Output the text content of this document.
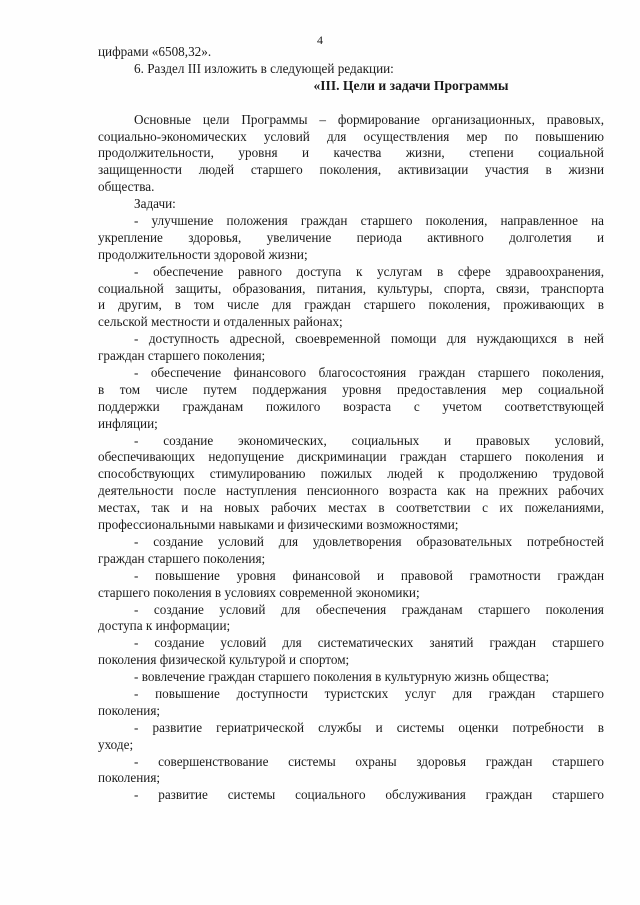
4
цифрами «6508,32».
6. Раздел III изложить в следующей редакции:
«III. Цели и задачи Программы
Основные цели Программы – формирование организационных, правовых,
социально-экономических условий для осуществления мер по повышению
продолжительности, уровня и качества жизни, степени социальной
защищенности людей старшего поколения, активизации участия в жизни
общества.
Задачи:
- улучшение положения граждан старшего поколения, направленное на
укрепление здоровья, увеличение периода активного долголетия и
продолжительности здоровой жизни;
- обеспечение равного доступа к услугам в сфере здравоохранения,
социальной защиты, образования, питания, культуры, спорта, связи, транспорта
и другим, в том числе для граждан старшего поколения, проживающих в
сельской местности и отдаленных районах;
- доступность адресной, своевременной помощи для нуждающихся в ней
граждан старшего поколения;
- обеспечение финансового благосостояния граждан старшего поколения,
в том числе путем поддержания уровня предоставления мер социальной
поддержки гражданам пожилого возраста с учетом соответствующей
инфляции;
- создание экономических, социальных и правовых условий,
обеспечивающих недопущение дискриминации граждан старшего поколения и
способствующих стимулированию пожилых людей к продолжению трудовой
деятельности после наступления пенсионного возраста как на прежних рабочих
местах, так и на новых рабочих местах в соответствии с их пожеланиями,
профессиональными навыками и физическими возможностями;
- создание условий для удовлетворения образовательных потребностей
граждан старшего поколения;
- повышение уровня финансовой и правовой грамотности граждан
старшего поколения в условиях современной экономики;
- создание условий для обеспечения гражданам старшего поколения
доступа к информации;
- создание условий для систематических занятий граждан старшего
поколения физической культурой и спортом;
- вовлечение граждан старшего поколения в культурную жизнь общества;
- повышение доступности туристских услуг для граждан старшего
поколения;
- развитие гериатрической службы и системы оценки потребности в
уходе;
- совершенствование системы охраны здоровья граждан старшего
поколения;
- развитие системы социального обслуживания граждан старшего
